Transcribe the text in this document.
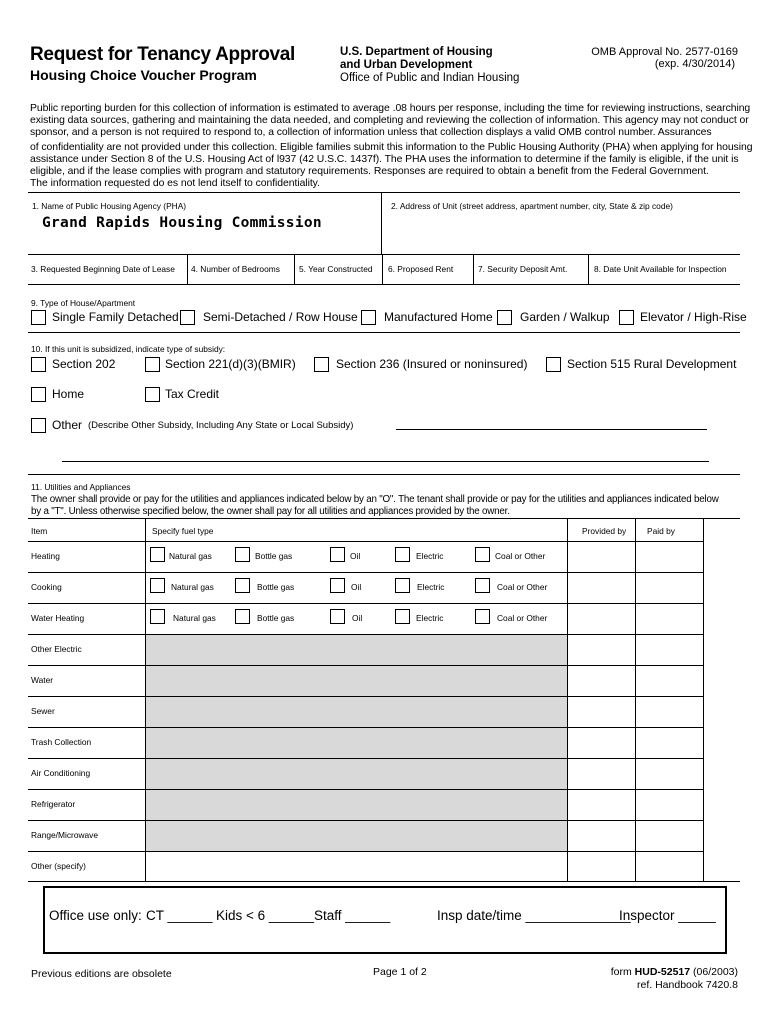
Request for Tenancy Approval
Housing Choice Voucher Program
U.S. Department of Housing
and Urban Development
Office of Public and Indian Housing
OMB Approval No. 2577-0169
(exp. 4/30/2014)
Public reporting burden for this collection of information is estimated to average .08 hours per response, including the time for reviewing instructions, searching existing data sources, gathering and maintaining the data needed, and completing and reviewing the collection of information. This agency may not conduct or sponsor, and a person is not required to respond to, a collection of information unless that collection displays a valid OMB control number. Assurances
of confidentiality are not provided under this collection. Eligible families submit this information to the Public Housing Authority (PHA) when applying for housing assistance under Section 8 of the U.S. Housing Act of l937 (42 U.S.C. 1437f). The PHA uses the information to determine if the family is eligible, if the unit is eligible, and if the lease complies with program and statutory requirements. Responses are required to obtain a benefit from the Federal Government.
The information requested do es not lend itself to confidentiality.
1. Name of Public Housing Agency (PHA)
Grand Rapids Housing Commission
2. Address of Unit (street address, apartment number, city, State & zip code)
3. Requested Beginning Date of Lease 4. Number of Bedrooms 5. Year Constructed 6. Proposed Rent	7. Security Deposit Amt.	8. Date Unit Available for Inspection
9. Type of House/Apartment
Single Family Detached Semi-Detached / Row House Manufactured Home Garden / Walkup	Elevator / High-Rise
10. If this unit is subsidized, indicate type of subsidy:
Section 202	Section 221(d)(3)(BMIR)	Section 236 (Insured or noninsured)	Section 515 Rural Development
Home	Tax Credit
Other (Describe Other Subsidy, Including Any State or Local Subsidy)
11. Utilities and Appliances
The owner shall provide or pay for the utilities and appliances indicated below by an "O". The tenant shall provide or pay for the utilities and appliances indicated below
by a "T". Unless otherwise specified below, the owner shall pay for all utilities and appliances provided by the owner.
Item	Specify fuel type	Provided by Paid by
Heating	Natural gas	Bottle gas	Oil	Electric	Coal or Other
Cooking	Natural gas	Bottle gas	Oil	Electric	Coal or Other
Water Heating	Natural gas	Bottle gas	Oil	Electric	Coal or Other
Other Electric
Water
Sewer
Trash Collection
Air Conditioning
Refrigerator
Range/Microwave
Other (specify)
Office use only: CT ______ Kids < 6 ______ Staff ______	Insp date/time ______________
Inspector _____
Previous editions are obsolete	Page 1 of 2	form HUD-52517 (06/2003)
ref. Handbook 7420.8
